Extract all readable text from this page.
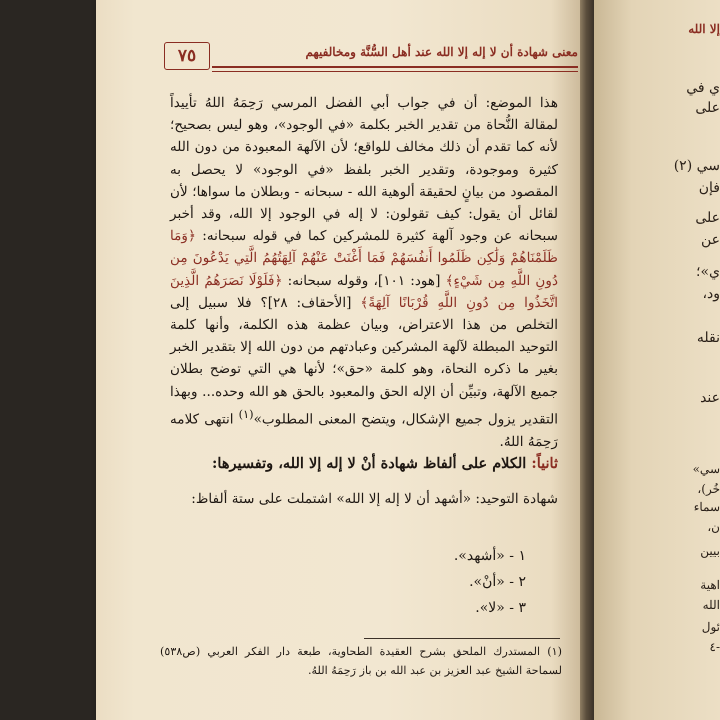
٧٥	معنى شهادة أن لا إله إلا الله عند أهل السُّنَّة ومخالفيهم

هذا الموضع: أن في جواب أبي الفضل المرسي رَحِمَهُ اللهُ تأييداً لمقالة النُّحاة من تقدير الخبر بكلمة «في الوجود»، وهو ليس بصحيح؛ لأنه كما تقدم أن ذلك مخالف للواقع؛ لأن الآلهة المعبودة من دون الله كثيرة وموجودة، وتقدير الخبر بلفظ «في الوجود» لا يحصل به المقصود من بيانٍ لحقيقة ألوهية الله - سبحانه - وبطلان ما سواها؛ لأن لقائل أن يقول: كيف تقولون: لا إله في الوجود إلا الله، وقد أخبر سبحانه عن وجود آلهة كثيرة للمشركين كما في قوله سبحانه: ﴿وَمَا ظَلَمْنَاهُمْ وَلَٰكِن ظَلَمُوا أَنفُسَهُمْ فَمَا أَغْنَتْ عَنْهُمْ آلِهَتُهُمُ الَّتِي يَدْعُونَ مِن دُونِ اللَّهِ مِن شَيْءٍ﴾ [هود: ١٠١]، وقوله سبحانه: ﴿فَلَوْلَا نَصَرَهُمُ الَّذِينَ اتَّخَذُوا مِن دُونِ اللَّهِ قُرْبَانًا آلِهَةً﴾ [الأحقاف: ٢٨]؟ فلا سبيل إلى التخلص من هذا الاعتراض، وبيان عظمة هذه الكلمة، وأنها كلمة التوحيد المبطلة لآلهة المشركين وعبادتهم من دون الله إلا بتقدير الخبر بغير ما ذكره النحاة، وهو كلمة «حق»؛ لأنها هي التي توضح بطلان جميع الآلهة، وتبيِّن أن الإله الحق والمعبود بالحق هو الله وحده... وبهذا التقدير يزول جميع الإشكال، ويتضح المعنى المطلوب»$^{(١)}$ انتهى كلامه رَحِمَهُ اللهُ.

ثانياً: الكلام على ألفاظ شهادة أنْ لا إله إلا الله، وتفسيرها:
شهادة التوحيد: «أشهد أن لا إله إلا الله» اشتملت على ستة ألفاظ:
١ - «أشهد».
٢ - «أنْ».
٣ - «لا».
(١) المستدرك الملحق بشرح العقيدة الطحاوية، طبعة دار الفكر العربي (ص٥٣٨) لسماحة الشيخ عبد العزيز بن عبد الله بن باز رَحِمَهُ اللهُ.
إلا الله
ي في
على
سي (٢)
فإن
على
عن
ي»؛
ود،
نقله
عند
سي»
خُر)،
سماء
ن،
بيين
اهية
الله
ئول
-٤
